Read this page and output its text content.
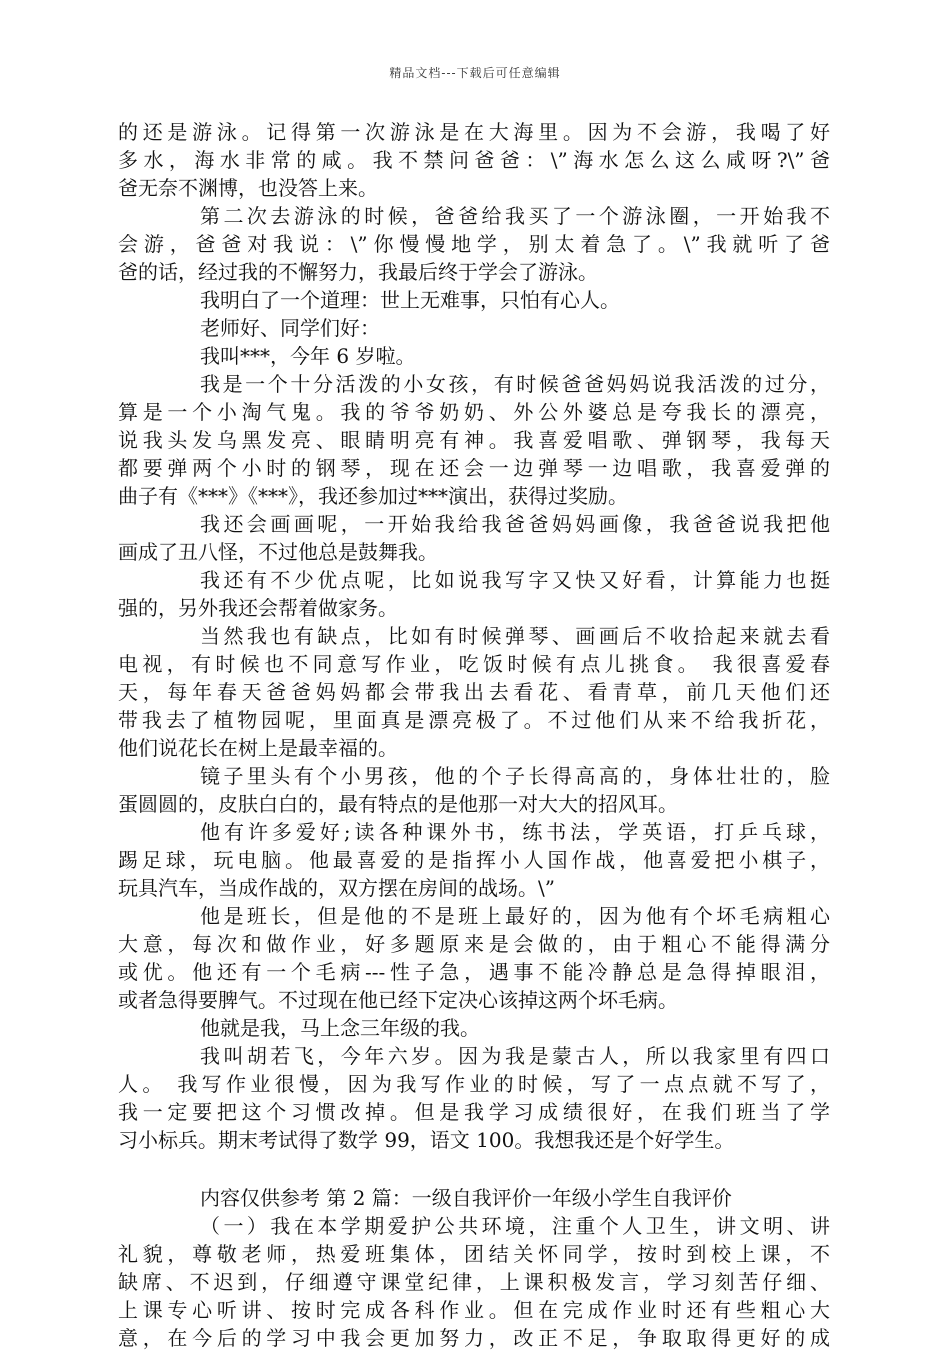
精品文档---下载后可任意编辑
的还是游泳。记得第一次游泳是在大海里。因为不会游，我喝了好
多水，海水非常的咸。我不禁问爸爸：\”海水怎么这么咸呀?\”爸
爸无奈不渊博，也没答上来。
第二次去游泳的时候，爸爸给我买了一个游泳圈，一开始我不
会游，爸爸对我说：\”你慢慢地学，别太着急了。\”我就听了爸
爸的话，经过我的不懈努力，我最后终于学会了游泳。
我明白了一个道理：世上无难事，只怕有心人。
老师好、同学们好：
我叫***，今年 6 岁啦。
我是一个十分活泼的小女孩，有时候爸爸妈妈说我活泼的过分，
算是一个小淘气鬼。我的爷爷奶奶、外公外婆总是夸我长的漂亮，
说我头发乌黑发亮、眼睛明亮有神。我喜爱唱歌、弹钢琴，我每天
都要弹两个小时的钢琴，现在还会一边弹琴一边唱歌，我喜爱弹的
曲子有《***》《***》，我还参加过***演出，获得过奖励。
我还会画画呢，一开始我给我爸爸妈妈画像，我爸爸说我把他
画成了丑八怪，不过他总是鼓舞我。
我还有不少优点呢，比如说我写字又快又好看，计算能力也挺
强的，另外我还会帮着做家务。
当然我也有缺点，比如有时候弹琴、画画后不收拾起来就去看
电视，有时候也不同意写作业，吃饭时候有点儿挑食。 我很喜爱春
天，每年春天爸爸妈妈都会带我出去看花、看青草，前几天他们还
带我去了植物园呢，里面真是漂亮极了。不过他们从来不给我折花，
他们说花长在树上是最幸福的。
镜子里头有个小男孩，他的个子长得高高的，身体壮壮的，脸
蛋圆圆的，皮肤白白的，最有特点的是他那一对大大的招风耳。
他有许多爱好;读各种课外书，练书法，学英语，打乒乓球，
踢足球，玩电脑。他最喜爱的是指挥小人国作战，他喜爱把小棋子，
玩具汽车，当成作战的，双方摆在房间的战场。\”
他是班长，但是他的不是班上最好的，因为他有个坏毛病粗心
大意，每次和做作业，好多题原来是会做的，由于粗心不能得满分
或优。他还有一个毛病---性子急，遇事不能冷静总是急得掉眼泪，
或者急得要脾气。不过现在他已经下定决心该掉这两个坏毛病。
他就是我，马上念三年级的我。
我叫胡若飞，今年六岁。因为我是蒙古人，所以我家里有四口
人。 我写作业很慢，因为我写作业的时候，写了一点点就不写了，
我一定要把这个习惯改掉。但是我学习成绩很好，在我们班当了学
习小标兵。期末考试得了数学 99，语文 100。我想我还是个好学生。
内容仅供参考 第 2 篇：一级自我评价一年级小学生自我评价
（一）我在本学期爱护公共环境，注重个人卫生，讲文明、讲
礼貌，尊敬老师，热爱班集体，团结关怀同学，按时到校上课，不
缺席、不迟到，仔细遵守课堂纪律，上课积极发言，学习刻苦仔细、
上课专心听讲、按时完成各科作业。但在完成作业时还有些粗心大
意，在今后的学习中我会更加努力，改正不足，争取取得更好的成
